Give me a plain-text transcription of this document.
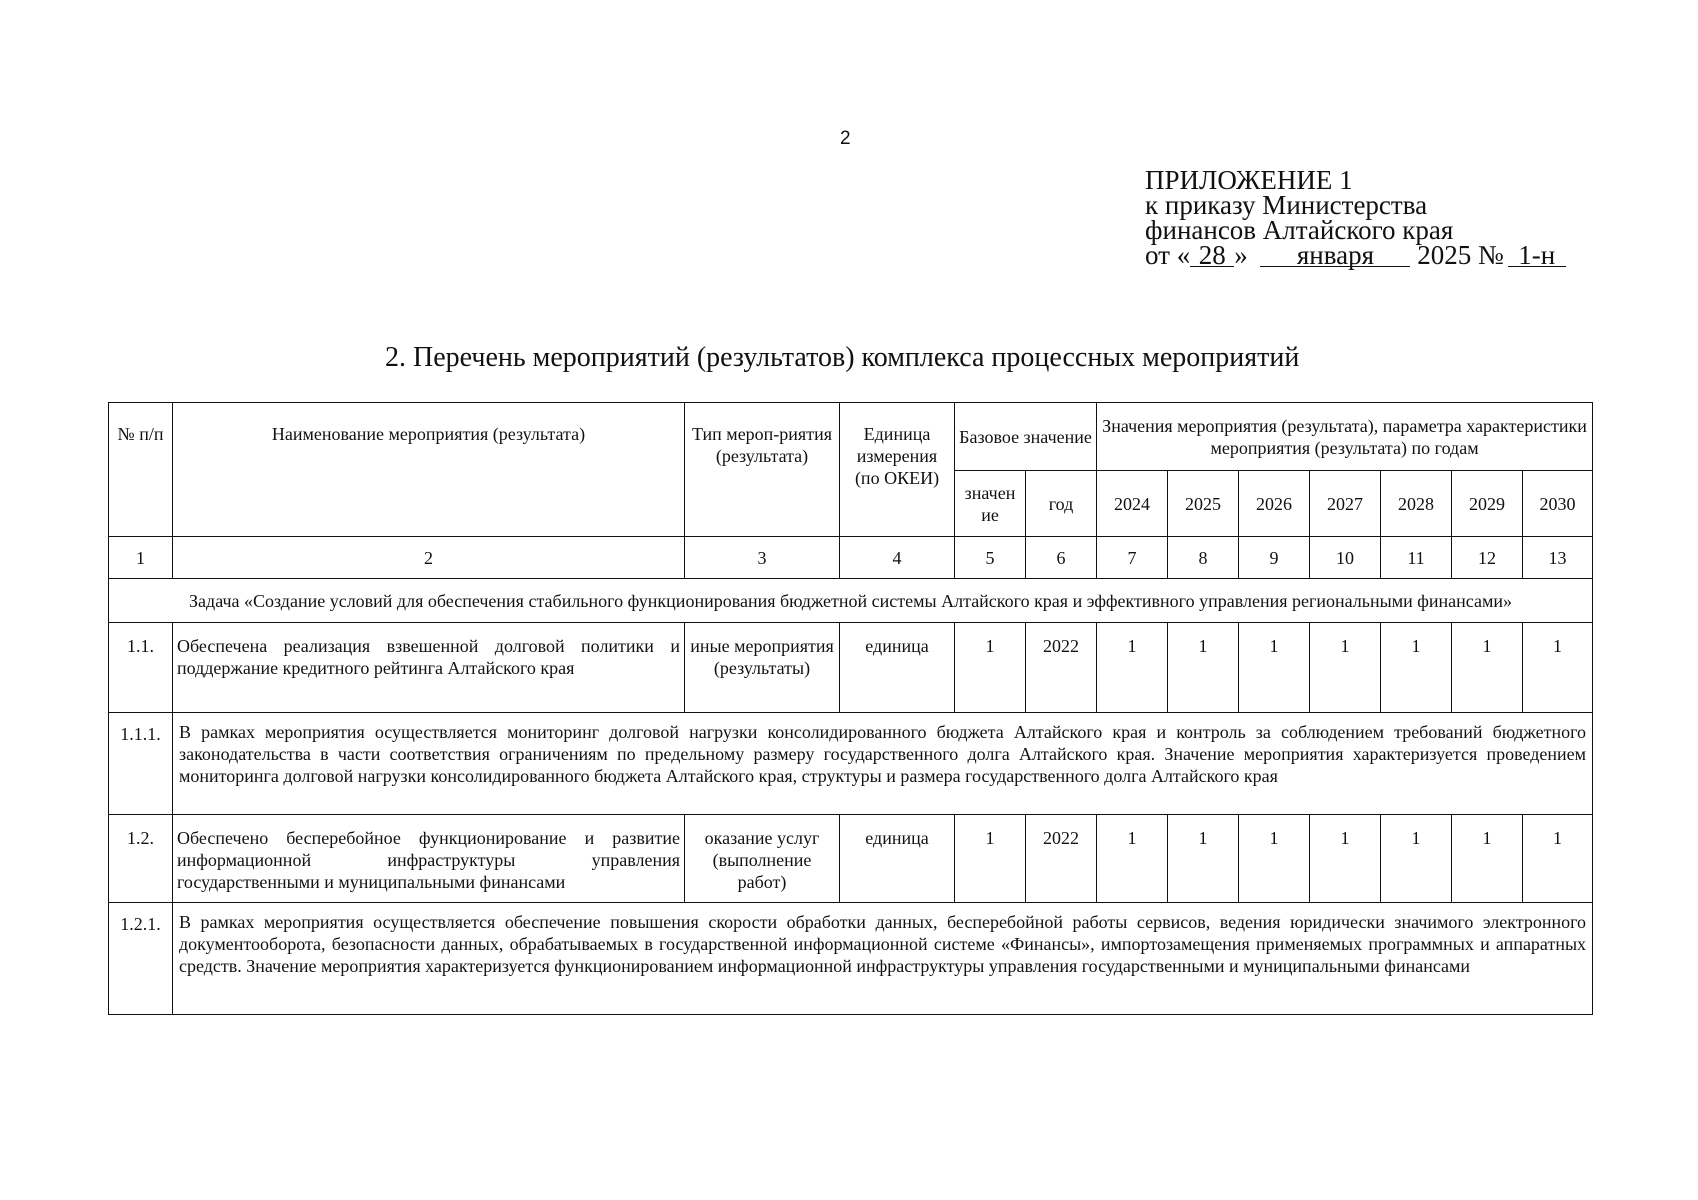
2
ПРИЛОЖЕНИЕ 1
к приказу Министерства
финансов Алтайского края
от « 28 » января 2025 № 1-н
2. Перечень мероприятий (результатов) комплекса процессных мероприятий
№ п/п	Наименование мероприятия (результата)	Тип мероп-риятия (результата)	Единица измерения (по ОКЕИ)	Базовое значение		Значения мероприятия (результата), параметра характеристики мероприятия (результата) по годам						
				значен ие	год	2024	2025	2026	2027	2028	2029	2030
1	2	3	4	5	6	7	8	9	10	11	12	13
Задача «Создание условий для обеспечения стабильного функционирования бюджетной системы Алтайского края и эффективного управления региональными финансами»												
1.1.	Обеспечена реализация взвешенной долговой политики и поддержание кредитного рейтинга Алтайского края	иные мероприятия (результаты)	единица	1	2022	1	1	1	1	1	1	1
1.1.1.	В рамках мероприятия осуществляется мониторинг долговой нагрузки консолидированного бюджета Алтайского края и контроль за соблюдением требований бюджетного законодательства в части соответствия ограничениям по предельному размеру государственного долга Алтайского края. Значение мероприятия характеризуется проведением мониторинга долговой нагрузки консолидированного бюджета Алтайского края, структуры и размера государственного долга Алтайского края											
1.2.	Обеспечено бесперебойное функционирование и развитие информационной инфраструктуры управления государственными и муниципальными финансами	оказание услуг (выполнение работ)	единица	1	2022	1	1	1	1	1	1	1
1.2.1.	В рамках мероприятия осуществляется обеспечение повышения скорости обработки данных, бесперебойной работы сервисов, ведения юридически значимого электронного документооборота, безопасности данных, обрабатываемых в государственной информационной системе «Финансы», импортозамещения применяемых программных и аппаратных средств. Значение мероприятия характеризуется функционированием информационной инфраструктуры управления государственными и муниципальными финансами											
